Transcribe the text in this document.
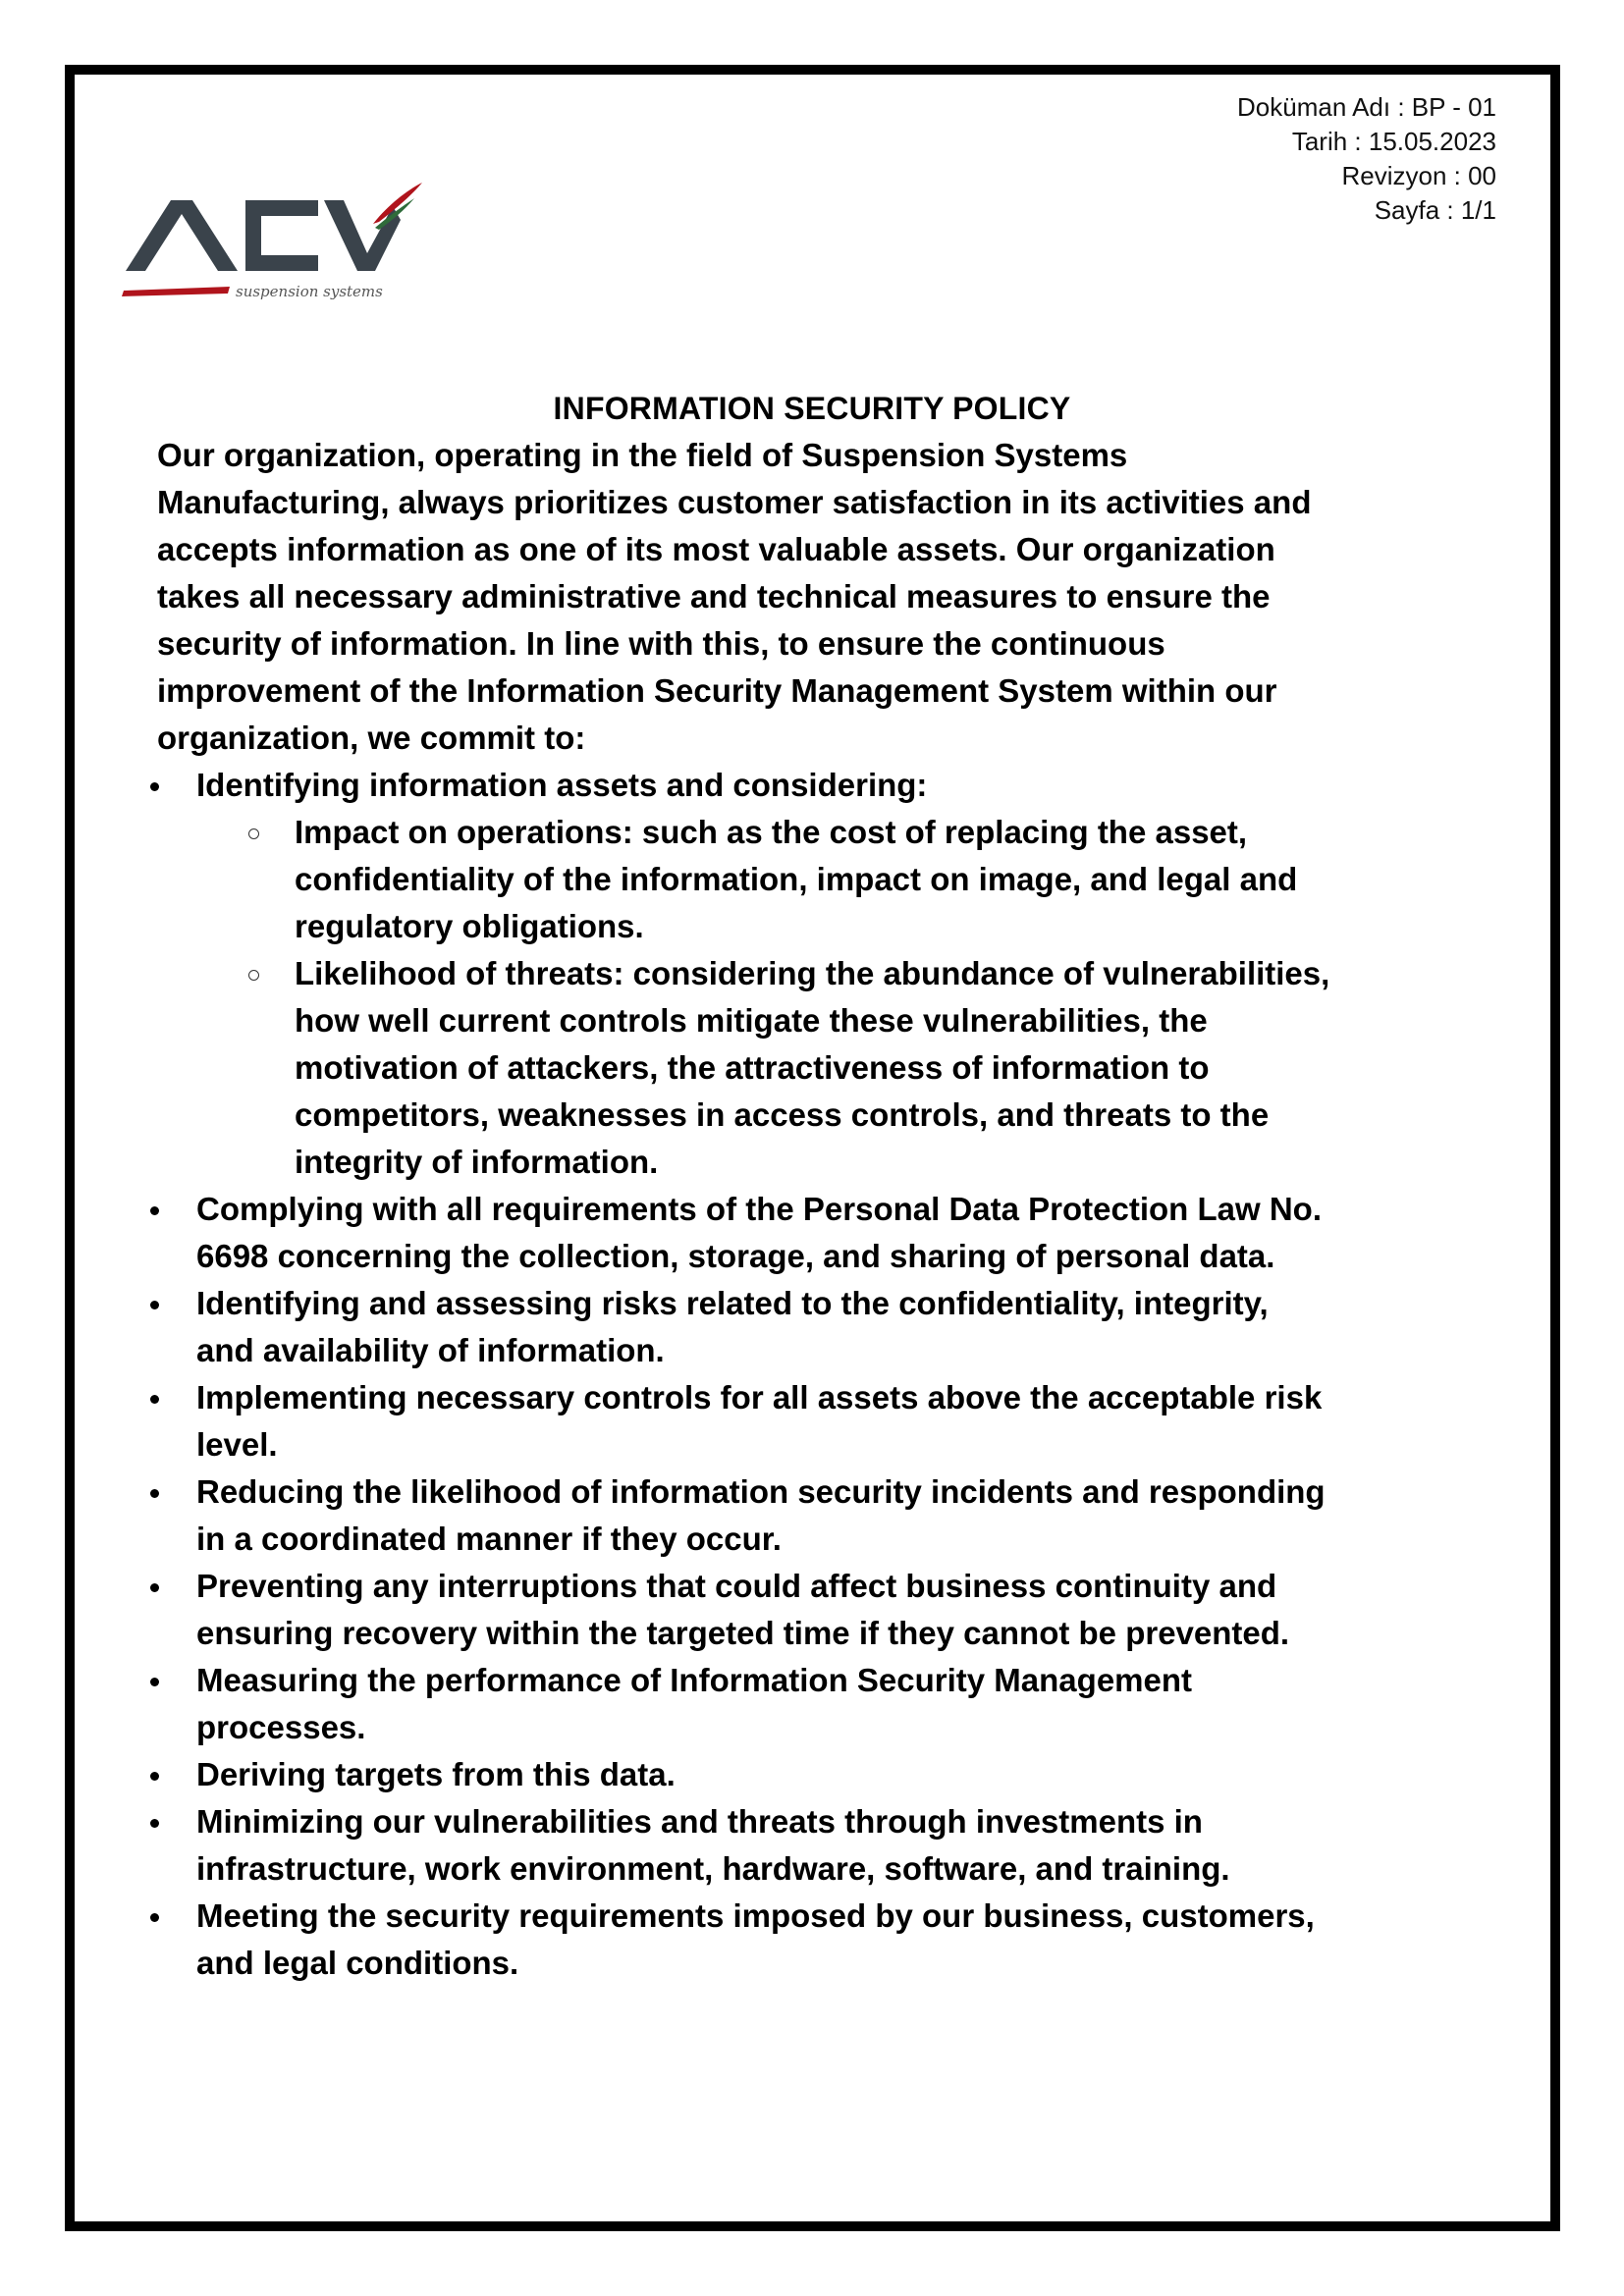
Doküman Adı : BP - 01
Tarih : 15.05.2023
Revizyon : 00
Sayfa : 1/1
suspension systems
INFORMATION SECURITY POLICY
Our organization, operating in the field of Suspension Systems
Manufacturing, always prioritizes customer satisfaction in its activities and
accepts information as one of its most valuable assets. Our organization
takes all necessary administrative and technical measures to ensure the
security of information. In line with this, to ensure the continuous
improvement of the Information Security Management System within our
organization, we commit to:
Identifying information assets and considering:
Impact on operations: such as the cost of replacing the asset,
confidentiality of the information, impact on image, and legal and
regulatory obligations.
Likelihood of threats: considering the abundance of vulnerabilities,
how well current controls mitigate these vulnerabilities, the
motivation of attackers, the attractiveness of information to
competitors, weaknesses in access controls, and threats to the
integrity of information.
Complying with all requirements of the Personal Data Protection Law No.
6698 concerning the collection, storage, and sharing of personal data.
Identifying and assessing risks related to the confidentiality, integrity,
and availability of information.
Implementing necessary controls for all assets above the acceptable risk
level.
Reducing the likelihood of information security incidents and responding
in a coordinated manner if they occur.
Preventing any interruptions that could affect business continuity and
ensuring recovery within the targeted time if they cannot be prevented.
Measuring the performance of Information Security Management
processes.
Deriving targets from this data.
Minimizing our vulnerabilities and threats through investments in
infrastructure, work environment, hardware, software, and training.
Meeting the security requirements imposed by our business, customers,
and legal conditions.
